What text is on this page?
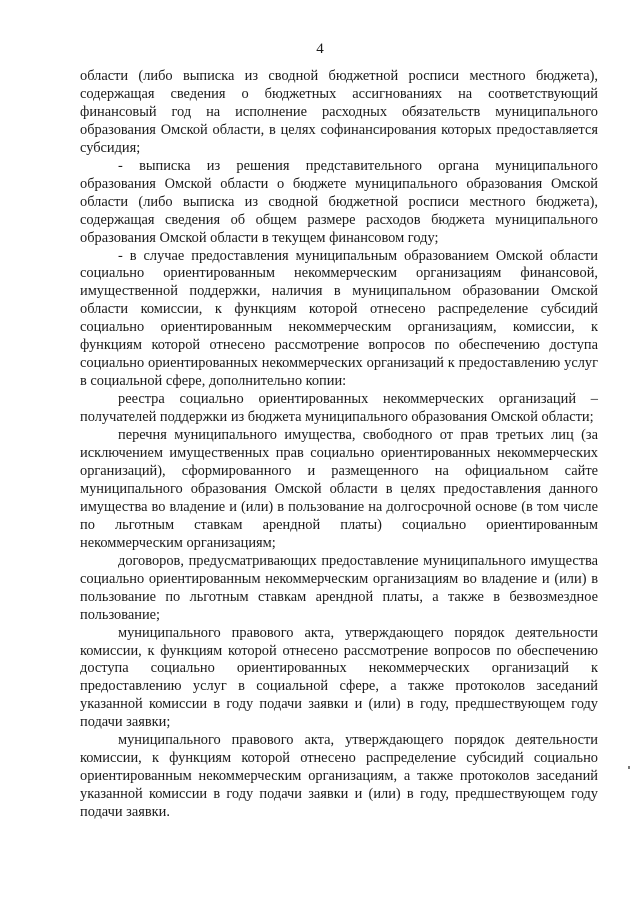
4

области (либо выписка из сводной бюджетной росписи местного бюджета), содержащая сведения о бюджетных ассигнованиях на соответствующий финансовый год на исполнение расходных обязательств муниципального образования Омской области, в целях софинансирования которых предоставляется субсидия;

- выписка из решения представительного органа муниципального образования Омской области о бюджете муниципального образования Омской области (либо выписка из сводной бюджетной росписи местного бюджета), содержащая сведения об общем размере расходов бюджета муниципального образования Омской области в текущем финансовом году;

- в случае предоставления муниципальным образованием Омской области социально ориентированным некоммерческим организациям финансовой, имущественной поддержки, наличия в муниципальном образовании Омской области комиссии, к функциям которой отнесено распределение субсидий социально ориентированным некоммерческим организациям, комиссии, к функциям которой отнесено рассмотрение вопросов по обеспечению доступа социально ориентированных некоммерческих организаций к предоставлению услуг в социальной сфере, дополнительно копии:

реестра социально ориентированных некоммерческих организаций – получателей поддержки из бюджета муниципального образования Омской области;

перечня муниципального имущества, свободного от прав третьих лиц (за исключением имущественных прав социально ориентированных некоммерческих организаций), сформированного и размещенного на официальном сайте муниципального образования Омской области в целях предоставления данного имущества во владение и (или) в пользование на долгосрочной основе (в том числе по льготным ставкам арендной платы) социально ориентированным некоммерческим организациям;

договоров, предусматривающих предоставление муниципального имущества социально ориентированным некоммерческим организациям во владение и (или) в пользование по льготным ставкам арендной платы, а также в безвозмездное пользование;

муниципального правового акта, утверждающего порядок деятельности комиссии, к функциям которой отнесено рассмотрение вопросов по обеспечению доступа социально ориентированных некоммерческих организаций к предоставлению услуг в социальной сфере, а также протоколов заседаний указанной комиссии в году подачи заявки и (или) в году, предшествующем году подачи заявки;

муниципального правового акта, утверждающего порядок деятельности комиссии, к функциям которой отнесено распределение субсидий социально ориентированным некоммерческим организациям, а также протоколов заседаний указанной комиссии в году подачи заявки и (или) в году, предшествующем году подачи заявки.
